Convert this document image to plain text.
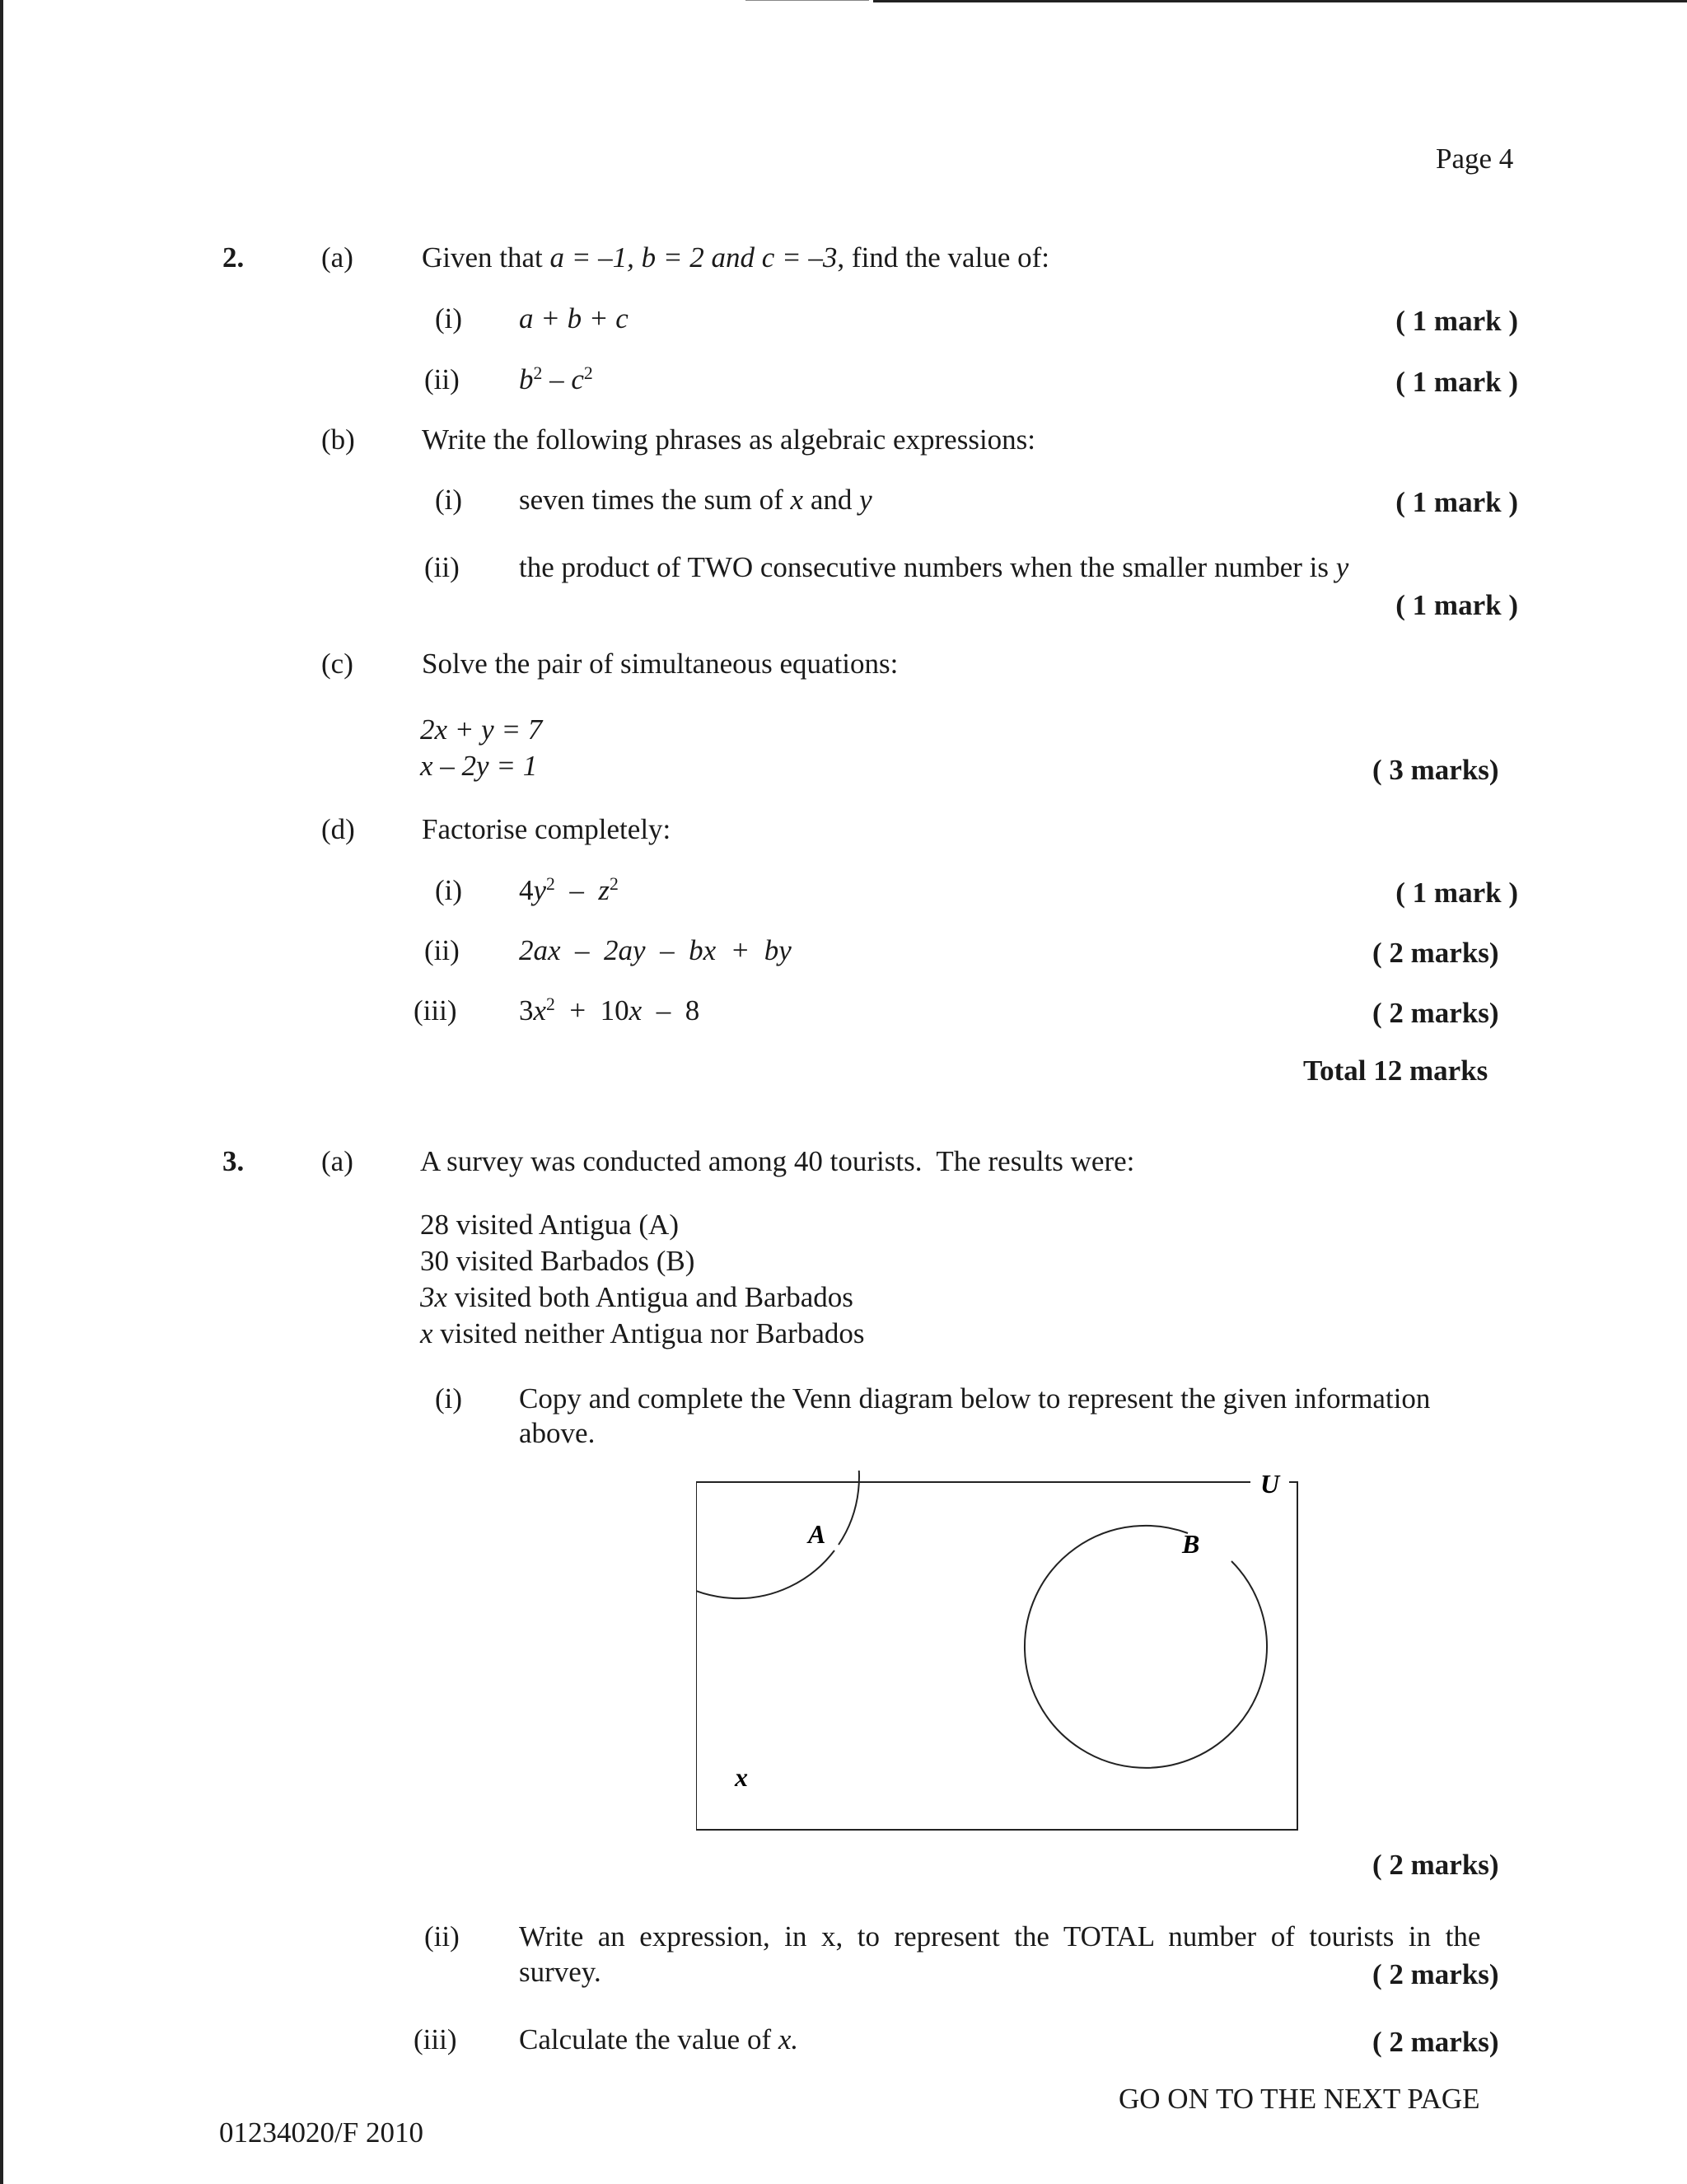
Page 4
2.	(a) Given that a = –1, b = 2 and c = –3, find the value of:
(i) a + b + c	( 1 mark )
(ii) $b^2 - c^2$	( 1 mark )
(b) Write the following phrases as algebraic expressions:
(i) seven times the sum of x and y	( 1 mark )
(ii) the product of TWO consecutive numbers when the smaller number is y
( 1 mark )
(c) Solve the pair of simultaneous equations:
2x + y = 7
x – 2y = 1	( 3 marks)
(d) Factorise completely:
(i) $4y^2 - z^2$	( 1 mark )
(ii) 2ax  –  2ay  –  bx  +  by	( 2 marks)
(iii) $3x^2 + 10x - 8$	( 2 marks)
Total 12 marks
3.	(a) A survey was conducted among 40 tourists.  The results were:
28 visited Antigua (A)
30 visited Barbados (B)
3x visited both Antigua and Barbados
x visited neither Antigua nor Barbados
(i) Copy and complete the Venn diagram below to represent the given information
above.
U
A	B
x
( 2 marks)
(ii) Write  an  expression,  in  x,  to  represent  the  TOTAL  number  of  tourists  in  the
survey.	( 2 marks)
(iii) Calculate the value of x.	( 2 marks)
GO ON TO THE NEXT PAGE
01234020/F 2010
